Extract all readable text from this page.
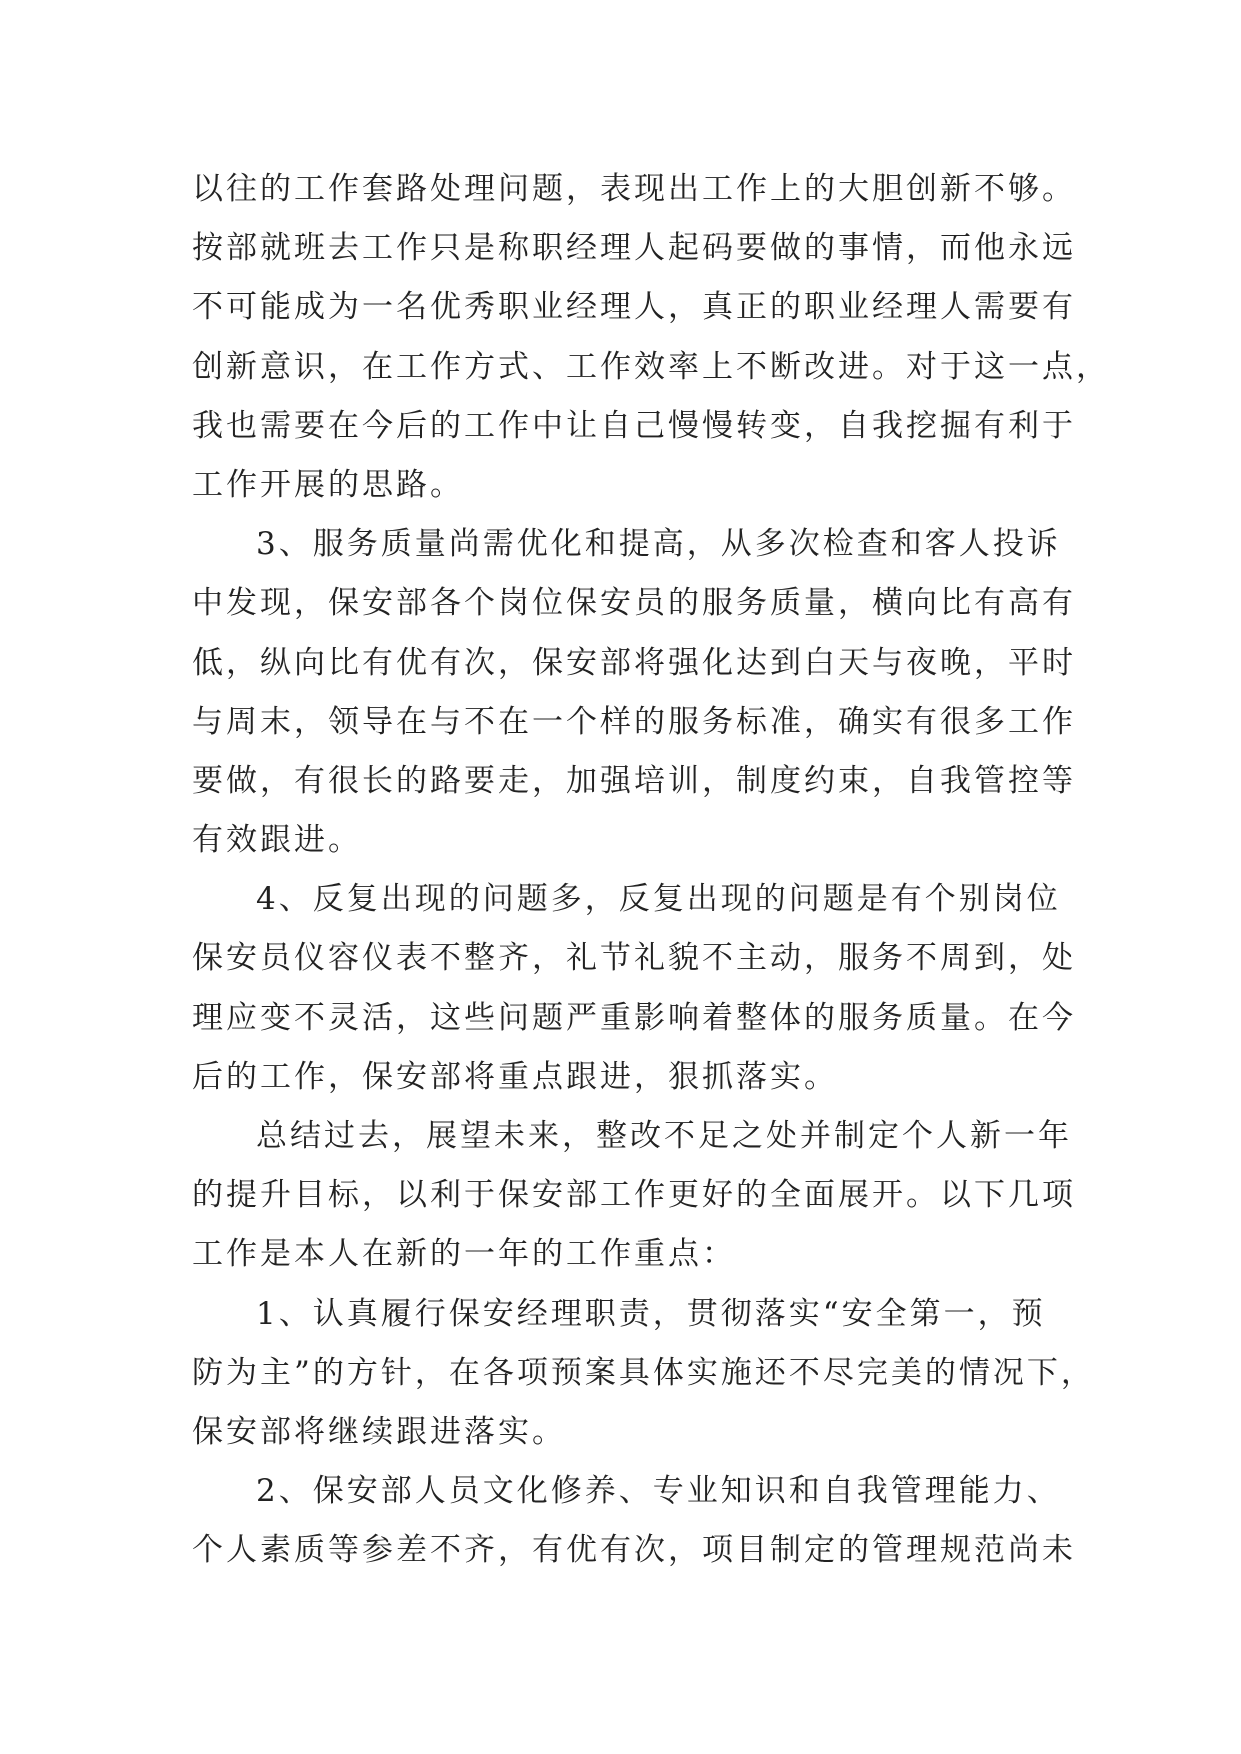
以往的工作套路处理问题，表现出工作上的大胆创新不够。
按部就班去工作只是称职经理人起码要做的事情，而他永远
不可能成为一名优秀职业经理人，真正的职业经理人需要有
创新意识，在工作方式、工作效率上不断改进。对于这一点，
我也需要在今后的工作中让自己慢慢转变，自我挖掘有利于
工作开展的思路。
3、服务质量尚需优化和提高，从多次检查和客人投诉
中发现，保安部各个岗位保安员的服务质量，横向比有高有
低，纵向比有优有次，保安部将强化达到白天与夜晚，平时
与周末，领导在与不在一个样的服务标准，确实有很多工作
要做，有很长的路要走，加强培训，制度约束，自我管控等
有效跟进。
4、反复出现的问题多，反复出现的问题是有个别岗位
保安员仪容仪表不整齐，礼节礼貌不主动，服务不周到，处
理应变不灵活，这些问题严重影响着整体的服务质量。在今
后的工作，保安部将重点跟进，狠抓落实。
总结过去，展望未来，整改不足之处并制定个人新一年
的提升目标，以利于保安部工作更好的全面展开。以下几项
工作是本人在新的一年的工作重点：
1、认真履行保安经理职责，贯彻落实“安全第一，预
防为主”的方针，在各项预案具体实施还不尽完美的情况下，
保安部将继续跟进落实。
2、保安部人员文化修养、专业知识和自我管理能力、
个人素质等参差不齐，有优有次，项目制定的管理规范尚未
